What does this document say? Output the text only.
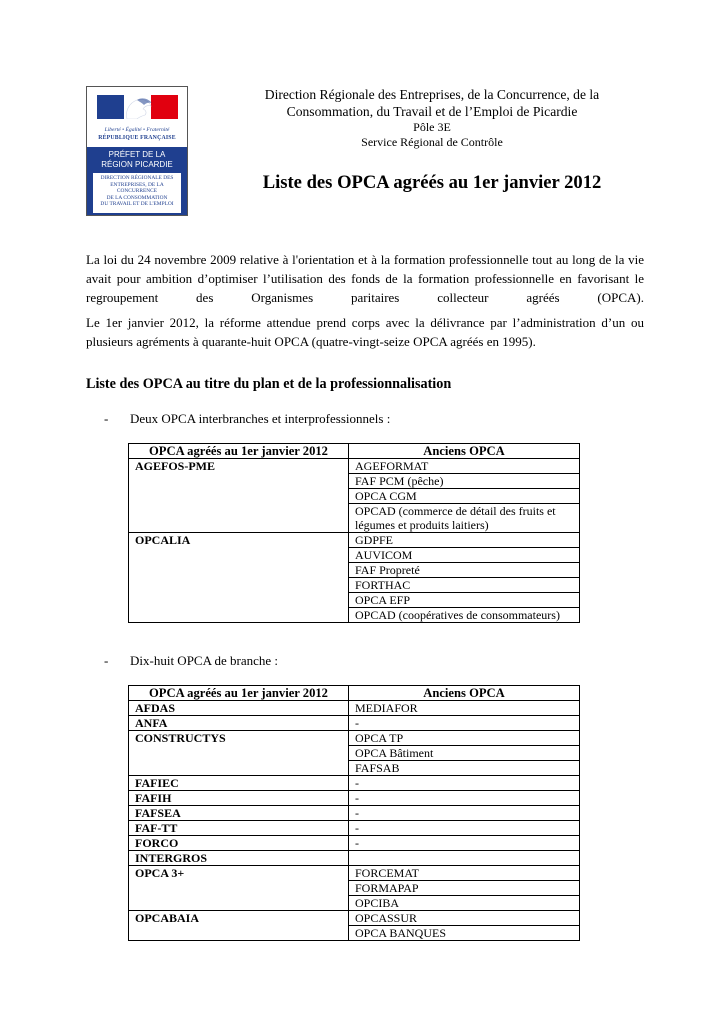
Liberté • Égalité • Fraternité
RÉPUBLIQUE FRANÇAISE
PRÉFET DE LA
RÉGION PICARDIE
DIRECTION RÉGIONALE DES
ENTREPRISES, DE LA CONCURRENCE
DE LA CONSOMMATION
DU TRAVAIL ET DE L'EMPLOI
Direction Régionale des Entreprises, de la Concurrence, de la
Consommation, du Travail et de l’Emploi de Picardie
Pôle 3E
Service Régional de Contrôle
Liste des OPCA agréés au 1er janvier 2012
La loi du 24 novembre 2009 relative à l'orientation et à la formation professionnelle tout au long de la vie avait pour ambition d’optimiser l’utilisation des fonds de la formation professionnelle en favorisant le regroupement des Organismes paritaires collecteur agréés (OPCA).
Le 1er janvier 2012, la réforme attendue prend corps avec la délivrance par l’administration d’un ou plusieurs agréments à quarante-huit OPCA (quatre-vingt-seize OPCA agréés en 1995).
Liste des OPCA au titre du plan et de la professionnalisation
- Deux OPCA interbranches et interprofessionnels :
OPCA agréés au 1er janvier 2012	Anciens OPCA
AGEFOS-PME	AGEFORMAT
	FAF PCM (pêche)
	OPCA CGM
	OPCAD (commerce de détail des fruits et légumes et produits laitiers)
OPCALIA	GDPFE
	AUVICOM
	FAF Propreté
	FORTHAC
	OPCA EFP
	OPCAD (coopératives de consommateurs)
- Dix-huit OPCA de branche :
OPCA agréés au 1er janvier 2012	Anciens OPCA
AFDAS	MEDIAFOR
ANFA	-
CONSTRUCTYS	OPCA TP
	OPCA Bâtiment
	FAFSAB
FAFIEC	-
FAFIH	-
FAFSEA	-
FAF-TT	-
FORCO	-
INTERGROS	
OPCA 3+	FORCEMAT
	FORMAPAP
	OPCIBA
OPCABAIA	OPCASSUR
	OPCA BANQUES
